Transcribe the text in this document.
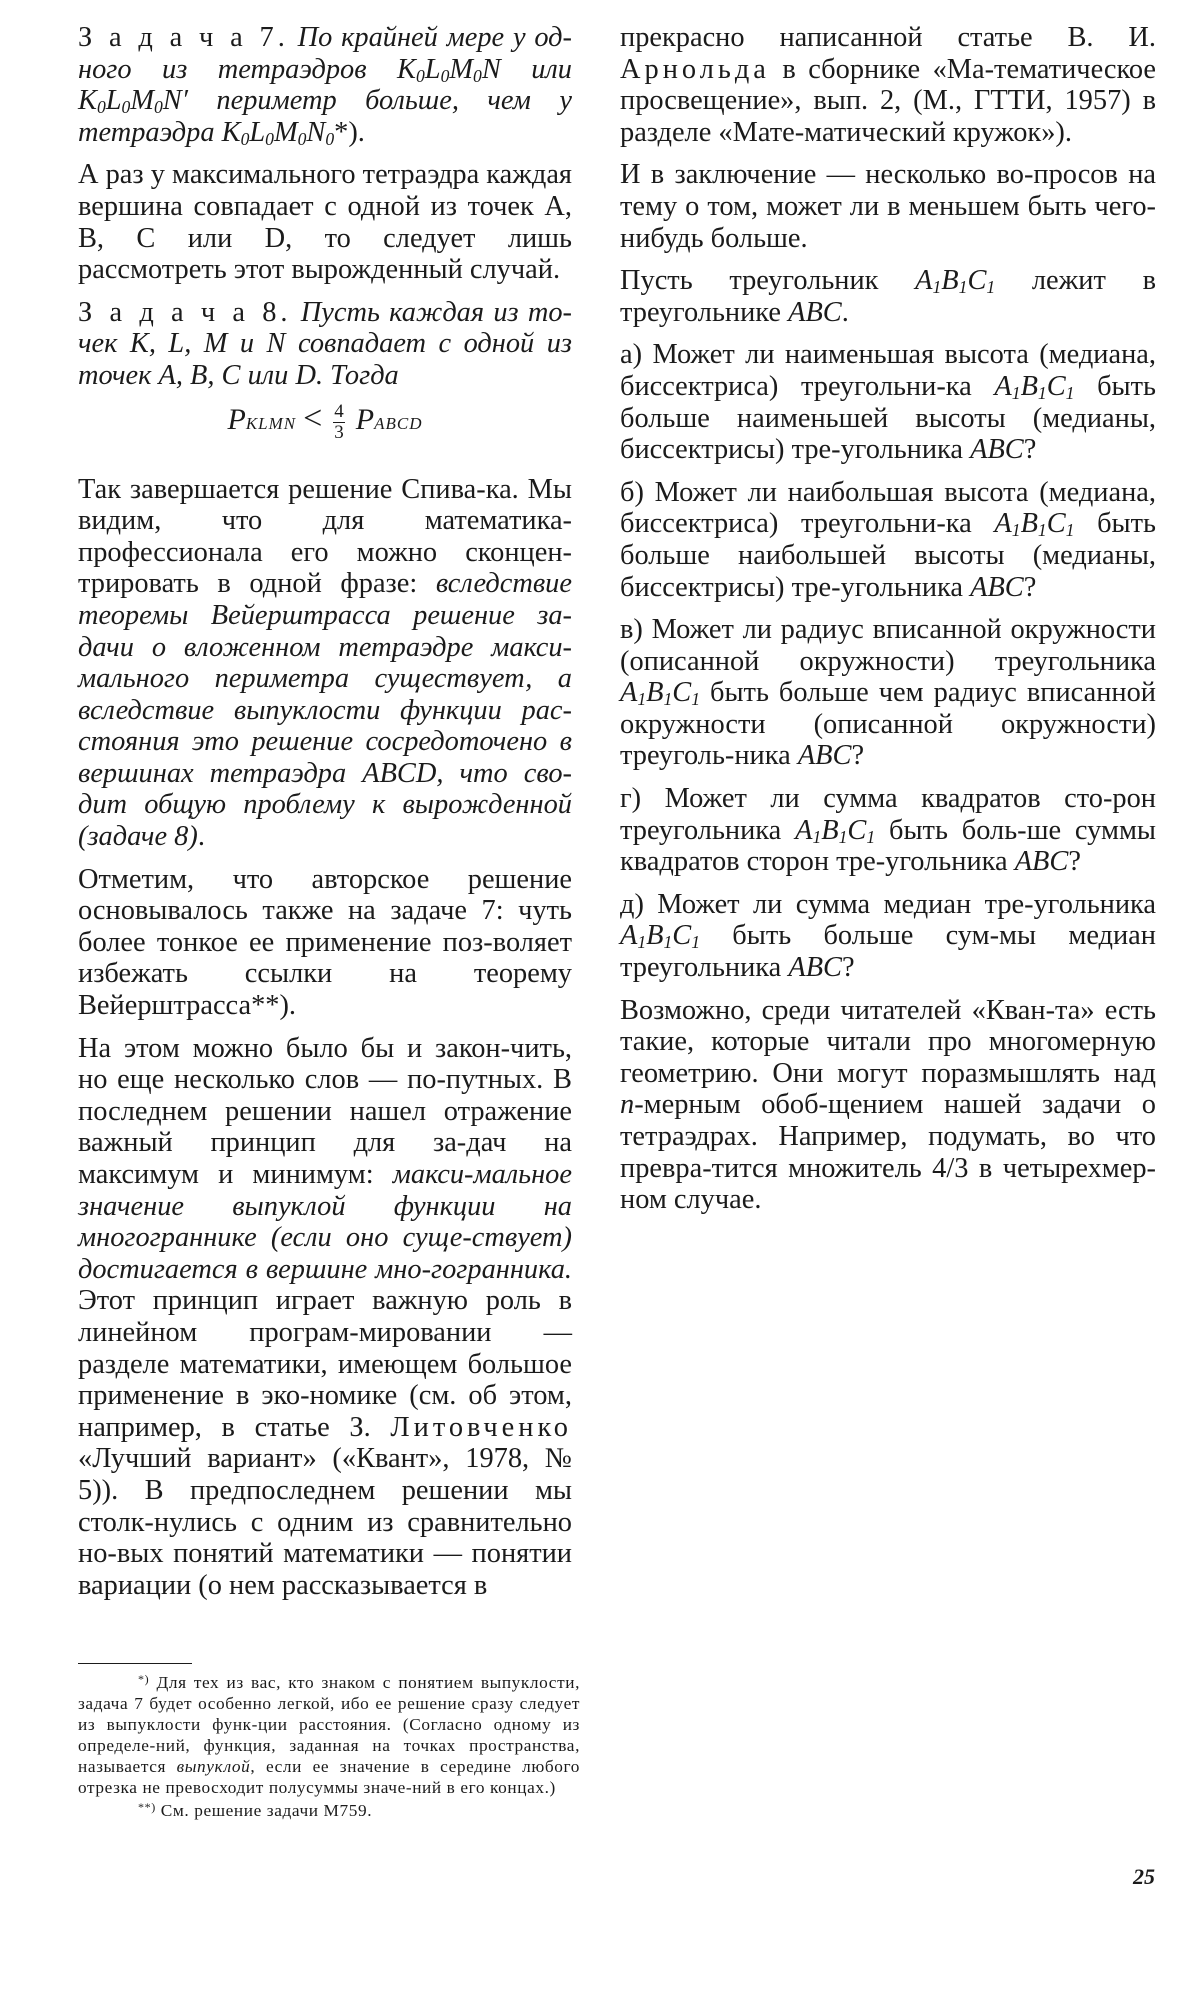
З а д а ч а 7. По крайней мере у од-ного из тетраэдров $K_0L_0M_0N$ или $K_0L_0M_0N'$ периметр больше, чем у тетраэдра $K_0L_0M_0N_0*$).

А раз у максимального тетраэдра каждая вершина совпадает с одной из точек A, B, C или D, то следует лишь рассмотреть этот вырожденный случай.

З а д а ч а 8. Пусть каждая из то-чек K, L, M и N совпадает с одной из точек A, B, C или D. Тогда

PKLMN < $\frac{4}{3}$ PABCD

Так завершается решение Спива-ка. Мы видим, что для математика-профессионала его можно сконцен-трировать в одной фразе: вследствие теоремы Вейерштрасса решение за-дачи о вложенном тетраэдре макси-мального периметра существует, а вследствие выпуклости функции рас-стояния это решение сосредоточено в вершинах тетраэдра ABCD, что сво-дит общую проблему к вырожденной (задаче 8).

Отметим, что авторское решение основывалось также на задаче 7: чуть более тонкое ее применение поз-воляет избежать ссылки на теорему Вейерштрасса**).

На этом можно было бы и закон-чить, но еще несколько слов — по-путных. В последнем решении нашел отражение важный принцип для за-дач на максимум и минимум: макси-мальное значение выпуклой функции на многограннике (если оно суще-ствует) достигается в вершине мно-гогранника. Этот принцип играет важную роль в линейном програм-мировании — разделе математики, имеющем большое применение в эко-номике (см. об этом, например, в статье З. Литовченко «Лучший вариант» («Квант», 1978, № 5)). В предпоследнем решении мы столк-нулись с одним из сравнительно но-вых понятий математики — понятии вариации (о нем рассказывается в

прекрасно написанной статье В. И. Арнольда в сборнике «Ма-тематическое просвещение», вып. 2, (М., ГТТИ, 1957) в разделе «Мате-матический кружок»).

И в заключение — несколько во-просов на тему о том, может ли в меньшем быть чего-нибудь больше.

Пусть треугольник $A_1B_1C_1$ лежит в треугольнике ABC.

а) Может ли наименьшая высота (медиана, биссектриса) треугольни-ка $A_1B_1C_1$ быть больше наименьшей высоты (медианы, биссектрисы) тре-угольника ABC?

б) Может ли наибольшая высота (медиана, биссектриса) треугольни-ка $A_1B_1C_1$ быть больше наибольшей высоты (медианы, биссектрисы) тре-угольника ABC?

в) Может ли радиус вписанной окружности (описанной окружности) треугольника $A_1B_1C_1$ быть больше чем радиус вписанной окружности (описанной окружности) треуголь-ника ABC?

г) Может ли сумма квадратов сто-рон треугольника $A_1B_1C_1$ быть боль-ше суммы квадратов сторон тре-угольника ABC?

д) Может ли сумма медиан тре-угольника $A_1B_1C_1$ быть больше сум-мы медиан треугольника ABC?

Возможно, среди читателей «Кван-та» есть такие, которые читали про многомерную геометрию. Они могут поразмышлять над n-мерным обоб-щением нашей задачи о тетраэдрах. Например, подумать, во что превра-тится множитель 4/3 в четырехмер-ном случае.

*) Для тех из вас, кто знаком с понятием выпуклости, задача 7 будет особенно легкой, ибо ее решение сразу следует из выпуклости функ-ции расстояния. (Согласно одному из определе-ний, функция, заданная на точках пространства, называется выпуклой, если ее значение в середине любого отрезка не превосходит полусуммы значе-ний в его концах.)

**) См. решение задачи М759.

25
